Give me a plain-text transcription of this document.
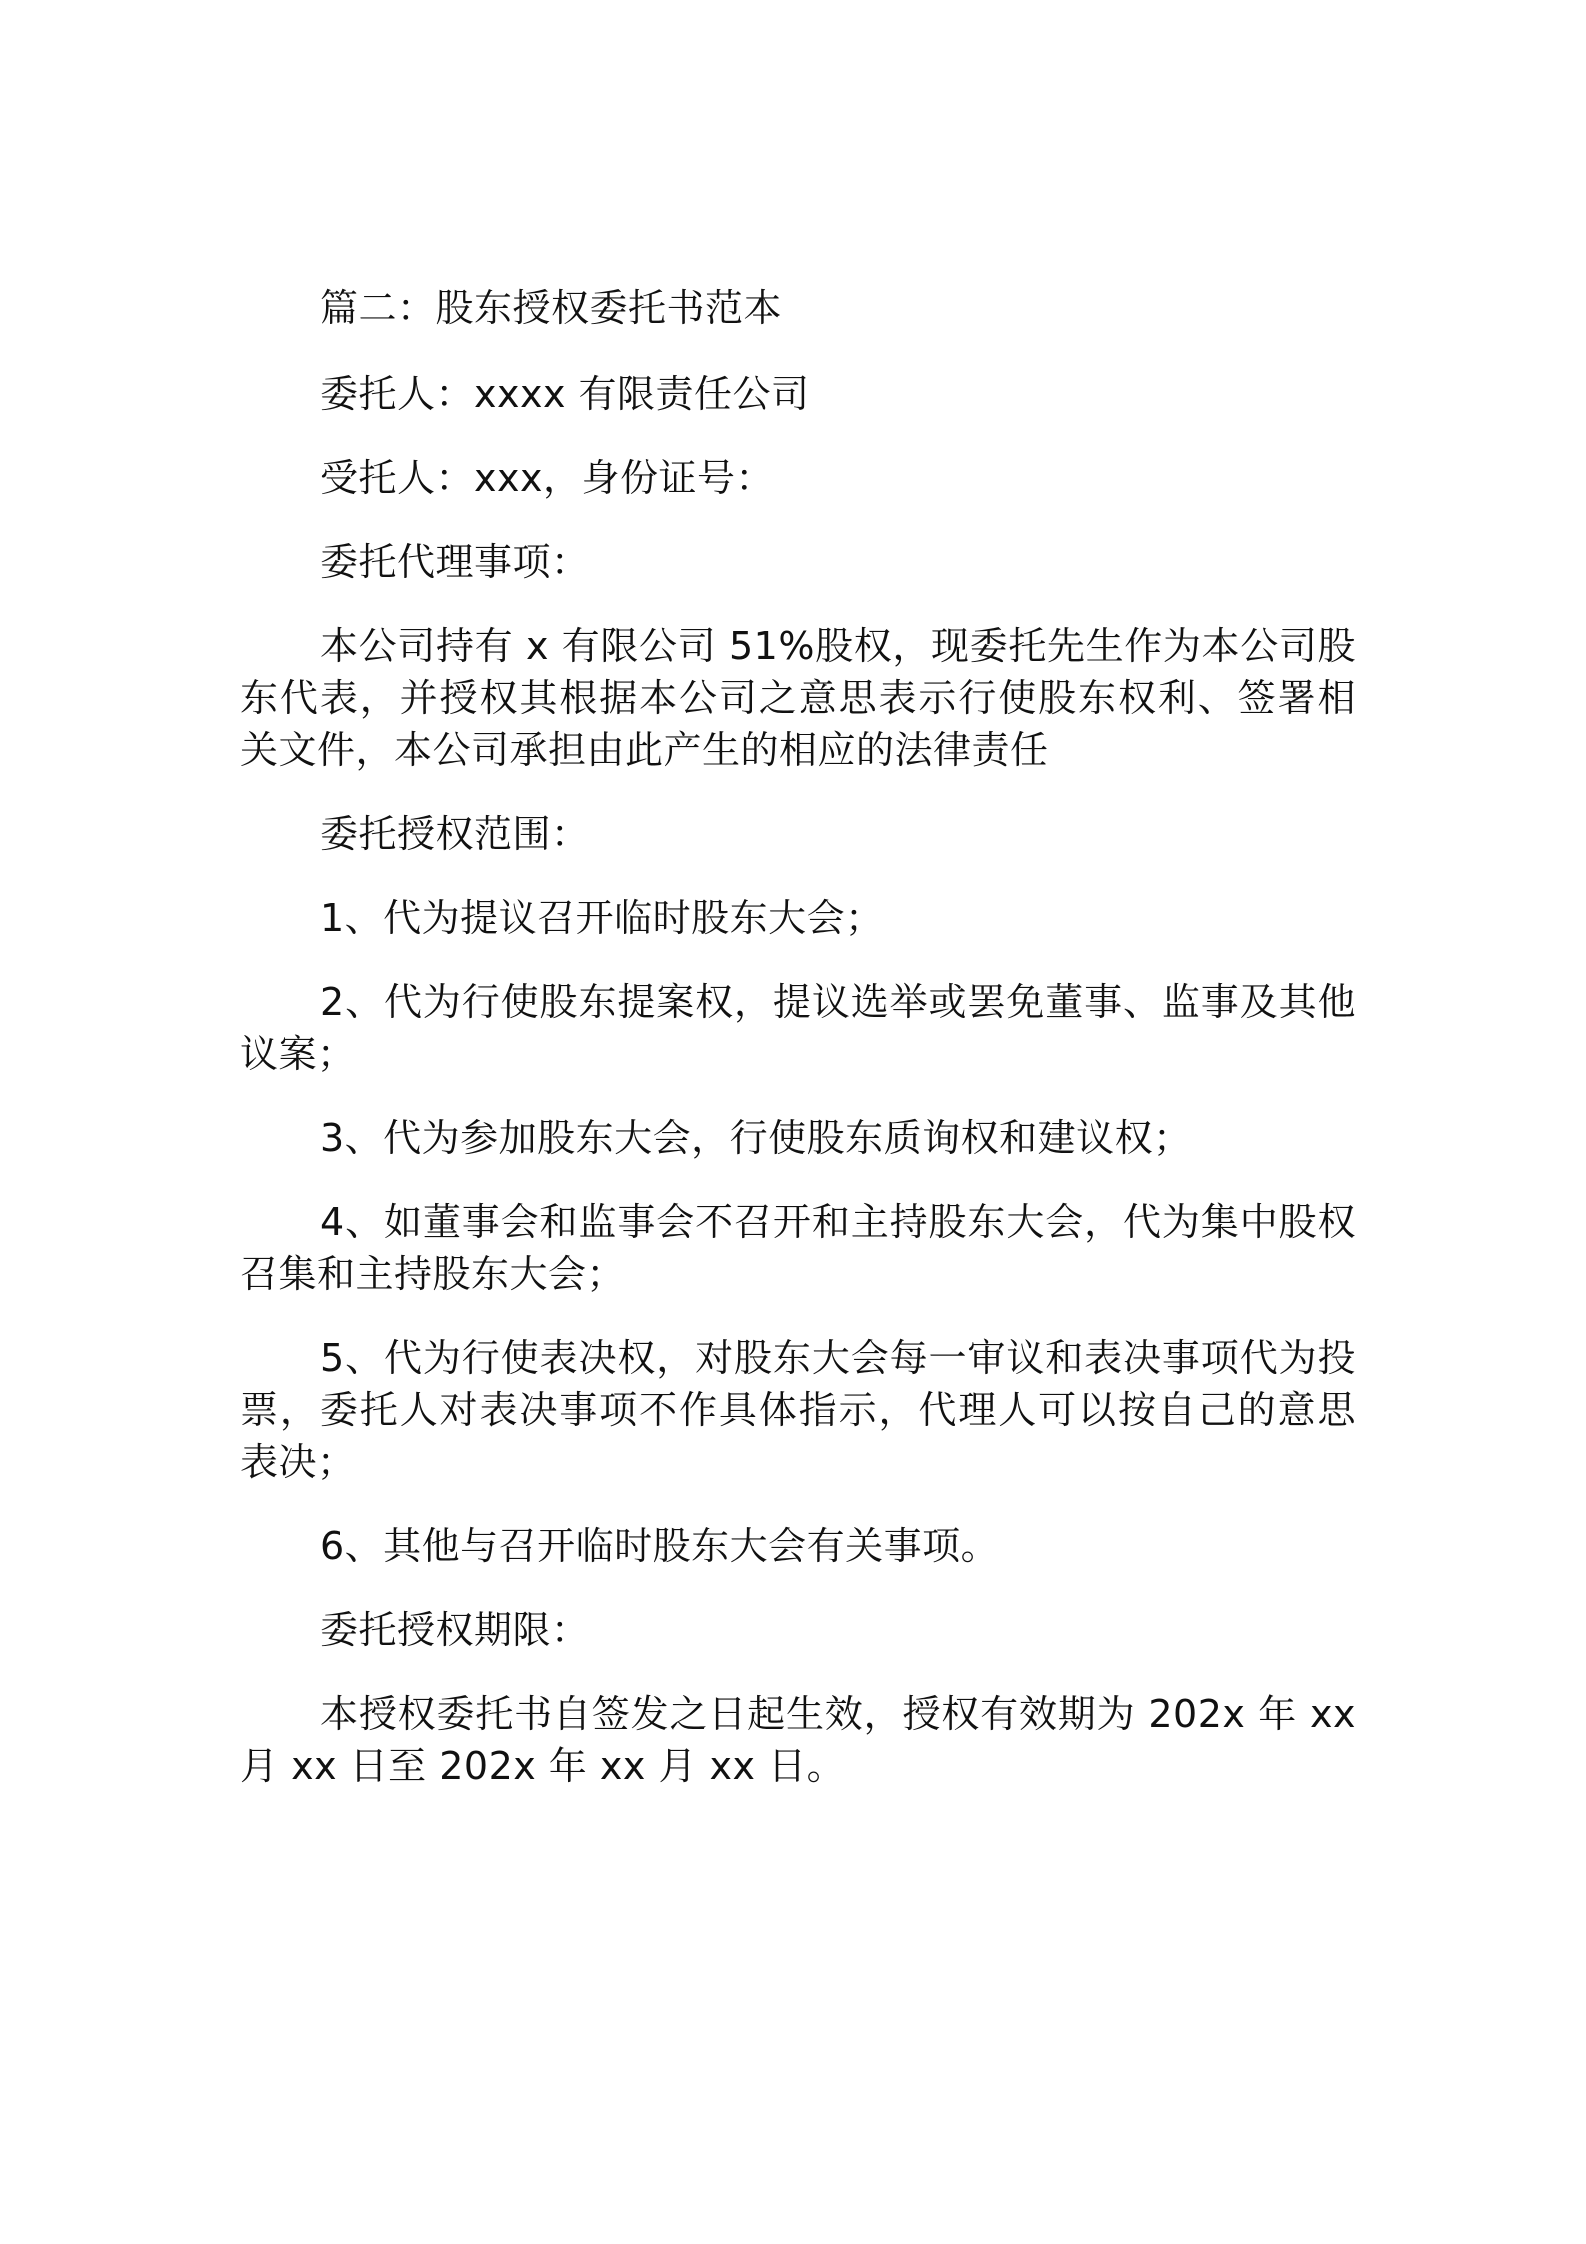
篇二：股东授权委托书范本

委托人：xxxx 有限责任公司

受托人：xxx，身份证号：

委托代理事项：

本公司持有 x 有限公司 51%股权，现委托先生作为本公司股东代表，并授权其根据本公司之意思表示行使股东权利、签署相关文件，本公司承担由此产生的相应的法律责任

委托授权范围：

1、代为提议召开临时股东大会；

2、代为行使股东提案权，提议选举或罢免董事、监事及其他议案；

3、代为参加股东大会，行使股东质询权和建议权；

4、如董事会和监事会不召开和主持股东大会，代为集中股权召集和主持股东大会；

5、代为行使表决权，对股东大会每一审议和表决事项代为投票，委托人对表决事项不作具体指示，代理人可以按自己的意思表决；

6、其他与召开临时股东大会有关事项。

委托授权期限：

本授权委托书自签发之日起生效，授权有效期为 202x 年 xx 月 xx 日至 202x 年 xx 月 xx 日。
